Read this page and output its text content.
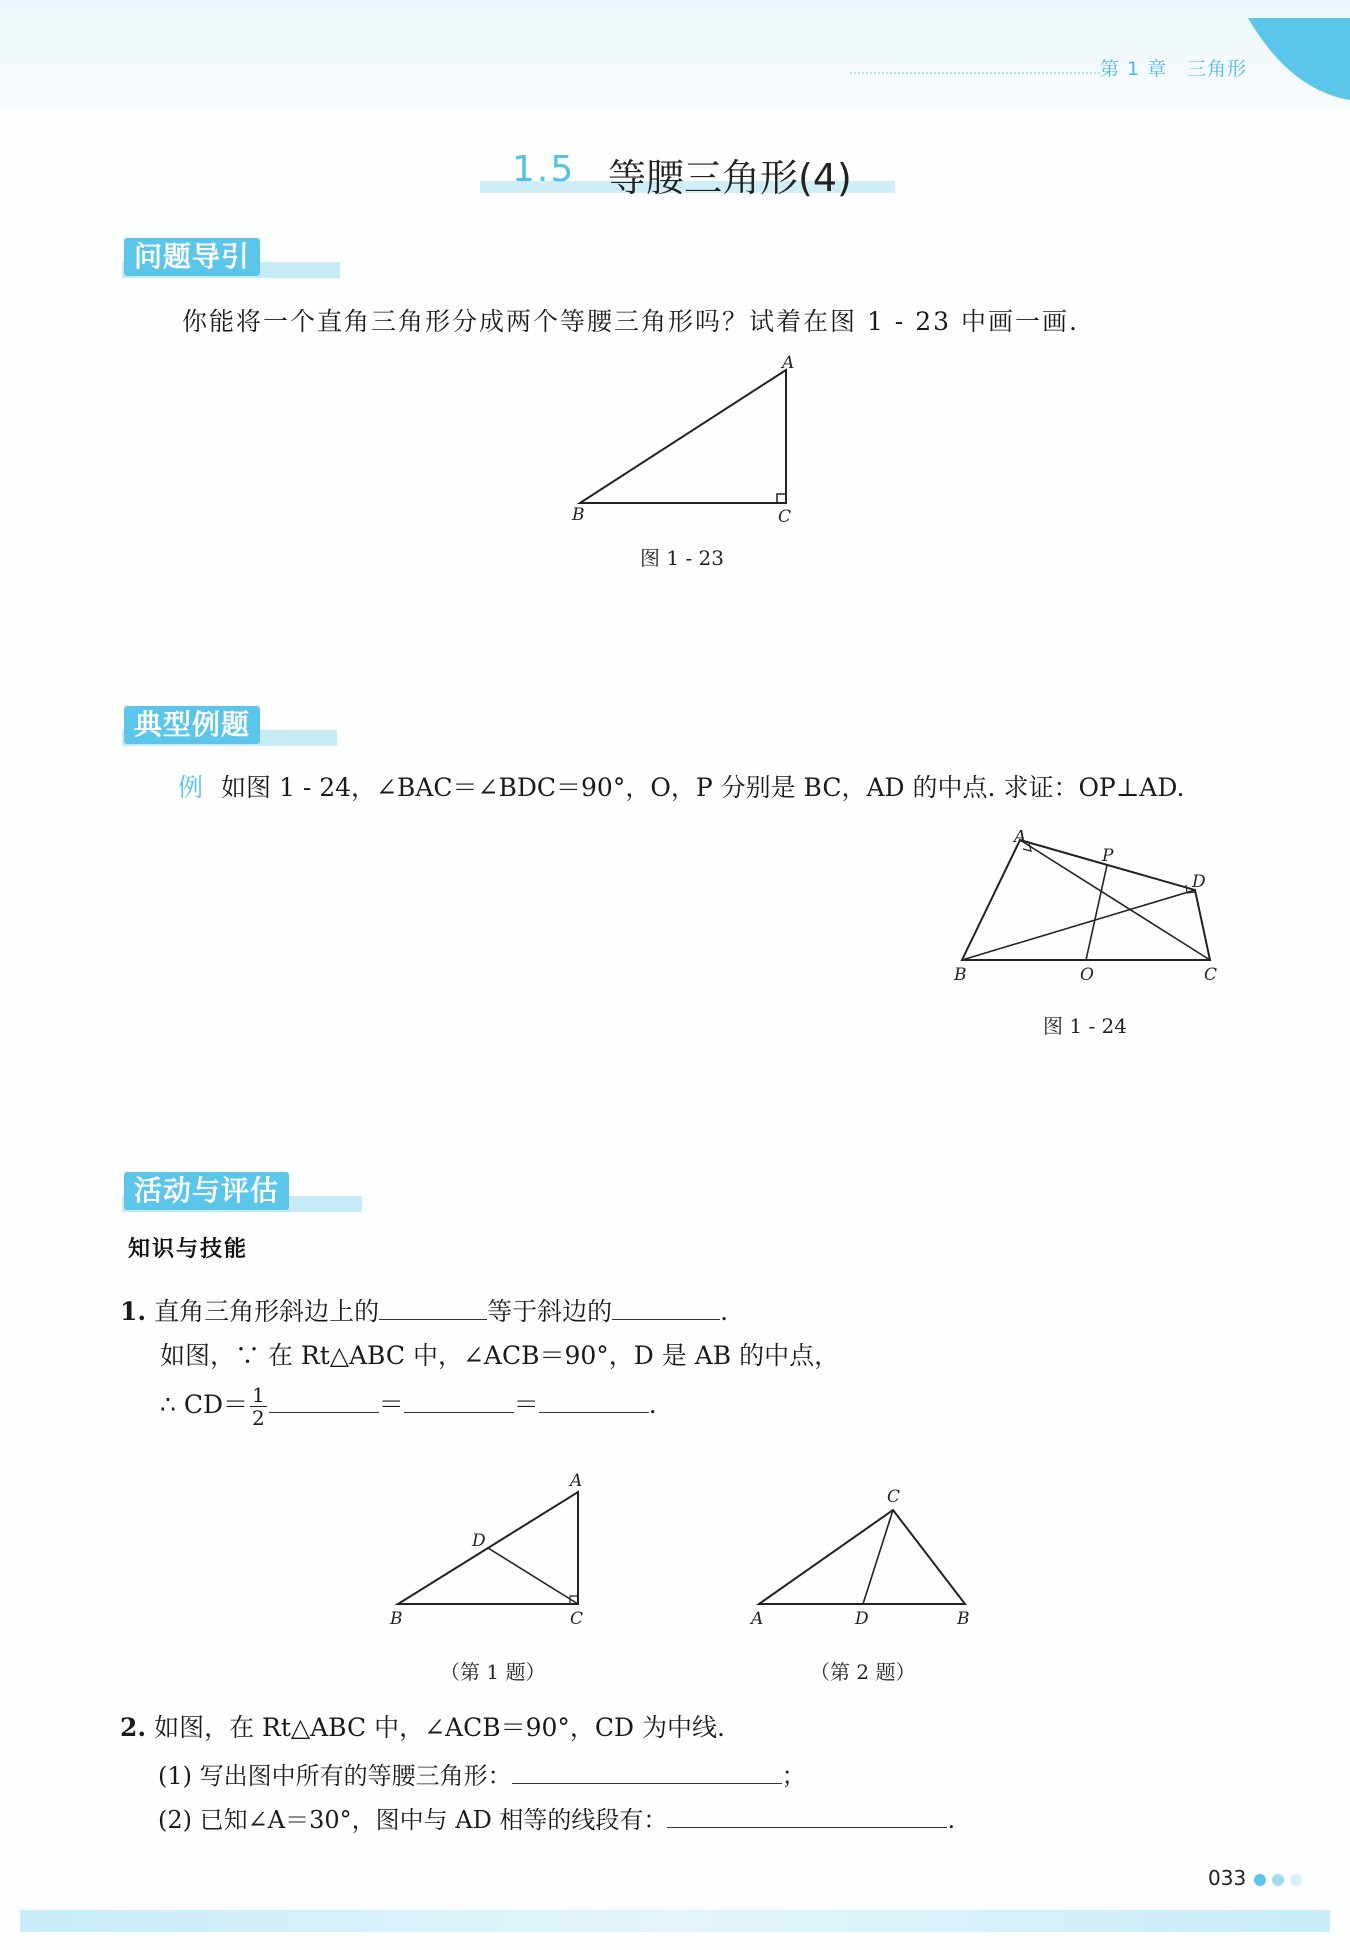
第 1 章　三角形
1.5 等腰三角形(4)
问题导引
你能将一个直角三角形分成两个等腰三角形吗？试着在图 1 - 23 中画一画.
A
B	C
图 1 - 23
典型例题
例 如图 1 - 24，∠BAC＝∠BDC＝90°，O，P 分别是 BC，AD 的中点. 求证：OP⊥AD.
A
P
D
B	O	C
图 1 - 24
活动与评估
知识与技能
1. 直角三角形斜边上的	等于斜边的	.
如图，∵ 在 Rt△ABC 中，∠ACB＝90°，D 是 AB 的中点，
∴ $CD= \frac{1}{2}$	＝	＝	.
A
D
B	C
（第 1 题）
C
A	D	B
（第 2 题）
2. 如图，在 Rt△ABC 中，∠ACB＝90°，CD 为中线.
(1) 写出图中所有的等腰三角形：	；
(2) 已知∠A＝30°，图中与 AD 相等的线段有：	.
033
